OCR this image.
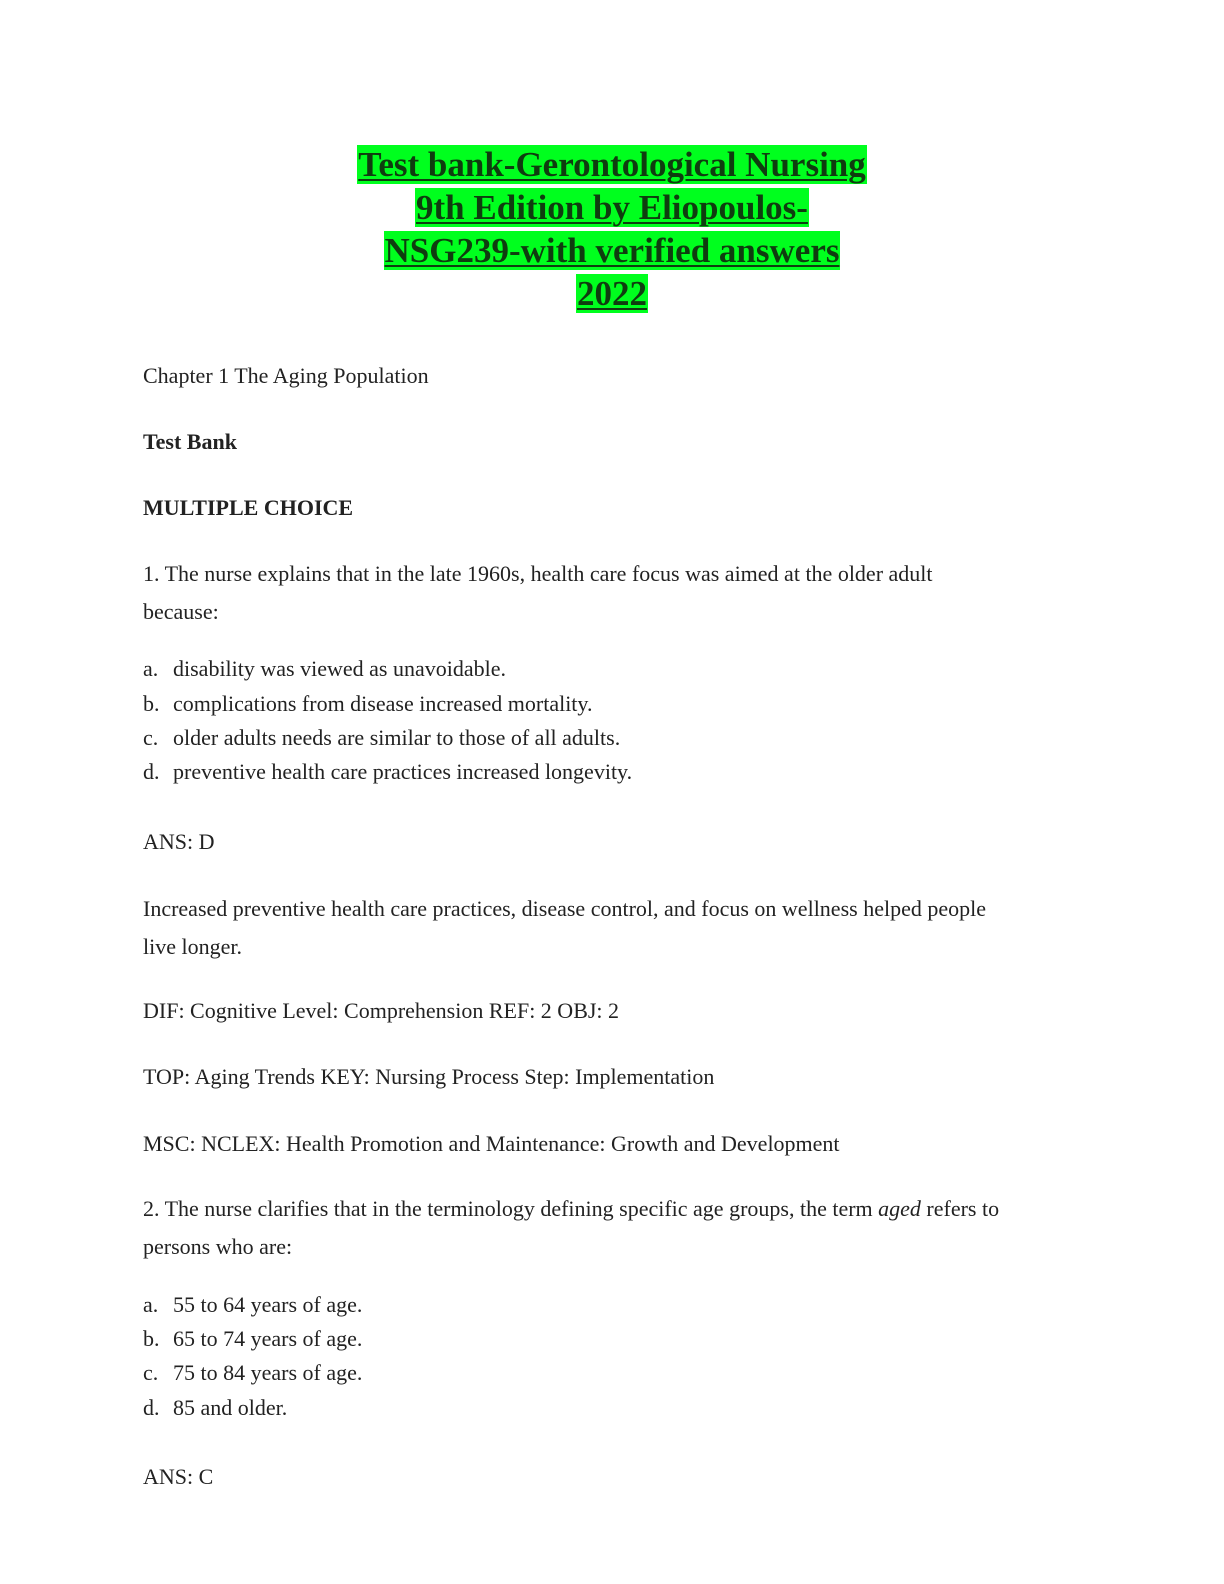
Test bank-Gerontological Nursing
9th Edition by Eliopoulos-
NSG239-with verified answers
2022
Chapter 1 The Aging Population
Test Bank
MULTIPLE CHOICE
1. The nurse explains that in the late 1960s, health care focus was aimed at the older adult
because:
a. disability was viewed as unavoidable.
b. complications from disease increased mortality.
c. older adults needs are similar to those of all adults.
d. preventive health care practices increased longevity.
ANS: D
Increased preventive health care practices, disease control, and focus on wellness helped people
live longer.
DIF: Cognitive Level: Comprehension REF: 2 OBJ: 2
TOP: Aging Trends KEY: Nursing Process Step: Implementation
MSC: NCLEX: Health Promotion and Maintenance: Growth and Development
2. The nurse clarifies that in the terminology defining specific age groups, the term aged refers to
persons who are:
a. 55 to 64 years of age.
b. 65 to 74 years of age.
c. 75 to 84 years of age.
d. 85 and older.
ANS: C
